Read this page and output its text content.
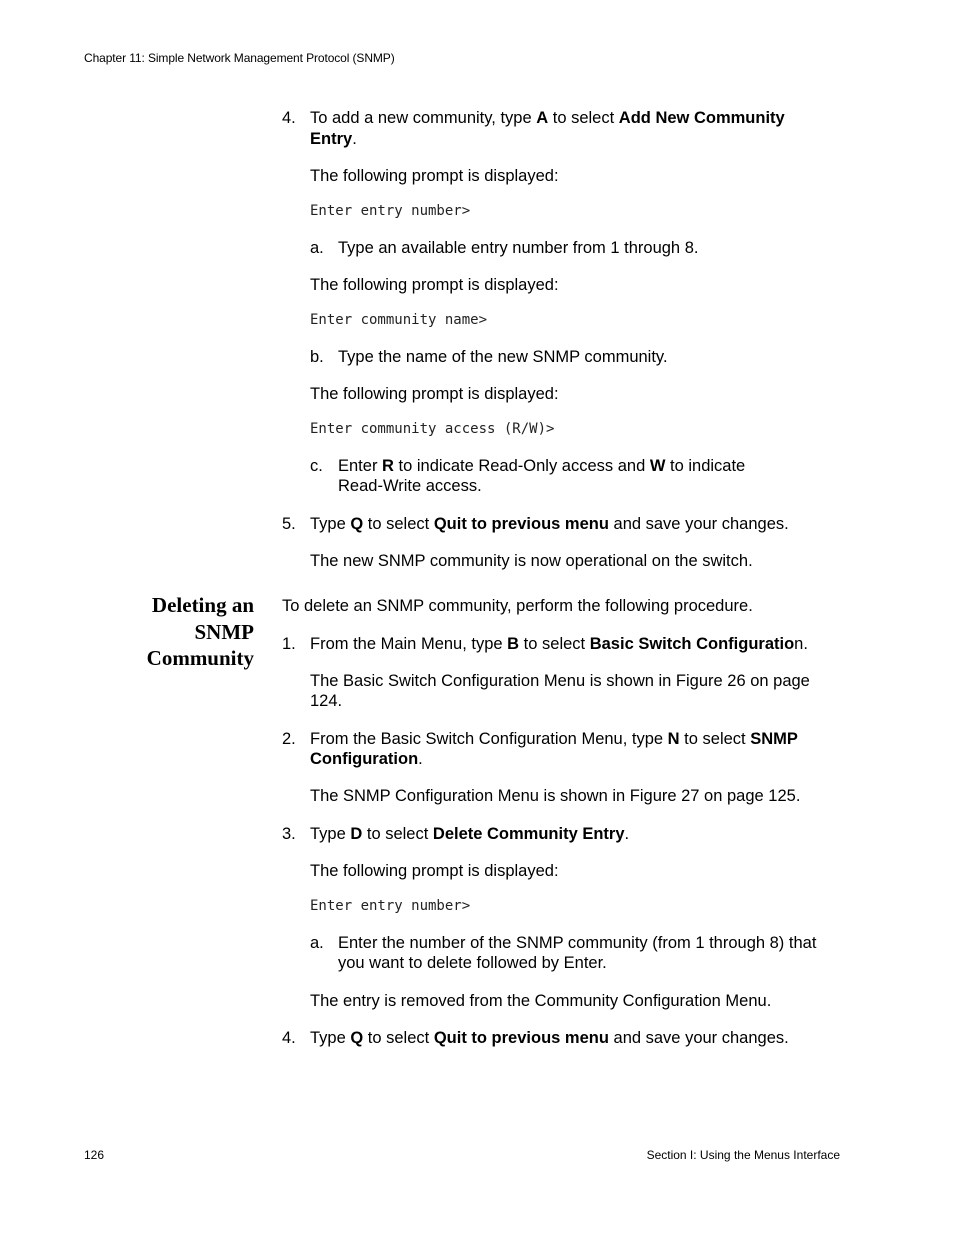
Chapter 11: Simple Network Management Protocol (SNMP)
4. To add a new community, type A to select Add New Community
Entry.
The following prompt is displayed:
Enter entry number>
a. Type an available entry number from 1 through 8.
The following prompt is displayed:
Enter community name>
b. Type the name of the new SNMP community.
The following prompt is displayed:
Enter community access (R/W)>
c. Enter R to indicate Read-Only access and W to indicate
Read-Write access.
5. Type Q to select Quit to previous menu and save your changes.
The new SNMP community is now operational on the switch.
Deleting an
SNMP
Community
To delete an SNMP community, perform the following procedure.
1. From the Main Menu, type B to select Basic Switch Configuration.
The Basic Switch Configuration Menu is shown in Figure 26 on page
124.
2. From the Basic Switch Configuration Menu, type N to select SNMP
Configuration.
The SNMP Configuration Menu is shown in Figure 27 on page 125.
3. Type D to select Delete Community Entry.
The following prompt is displayed:
Enter entry number>
a. Enter the number of the SNMP community (from 1 through 8) that
you want to delete followed by Enter.
The entry is removed from the Community Configuration Menu.
4. Type Q to select Quit to previous menu and save your changes.
126	Section I: Using the Menus Interface
